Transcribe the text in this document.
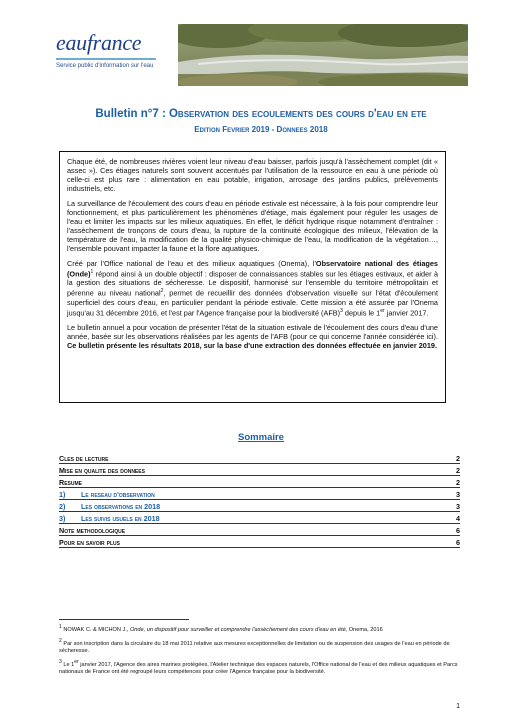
eaufrance
Service public d'information sur l'eau
Bulletin n°7 : Observation des ecoulements des cours d'eau en ete
Edition Fevrier 2019 - Donnees 2018

Chaque été, de nombreuses rivières voient leur niveau d'eau baisser, parfois jusqu'à l'assèchement complet (dit « assec »). Ces étiages naturels sont souvent accentués par l'utilisation de la ressource en eau à une période où celle-ci est plus rare : alimentation en eau potable, irrigation, arrosage des jardins publics, prélèvements industriels, etc.

La surveillance de l'écoulement des cours d'eau en période estivale est nécessaire, à la fois pour comprendre leur fonctionnement, et plus particulièrement les phénomènes d'étiage, mais également pour réguler les usages de l'eau et limiter les impacts sur les milieux aquatiques. En effet, le déficit hydrique risque notamment d'entraîner : l'assèchement de tronçons de cours d'eau, la rupture de la continuité écologique des milieux, l'élévation de la température de l'eau, la modification de la qualité physico-chimique de l'eau, la modification de la végétation…, l'ensemble pouvant impacter la faune et la flore aquatiques.

Créé par l'Office national de l'eau et des milieux aquatiques (Onema), l'Observatoire national des étiages (Onde)$^1$ répond ainsi à un double objectif : disposer de connaissances stables sur les étiages estivaux, et aider à la gestion des situations de sécheresse. Le dispositif, harmonisé sur l'ensemble du territoire métropolitain et pérenne au niveau national$^2$, permet de recueillir des données d'observation visuelle sur l'état d'écoulement superficiel des cours d'eau, en particulier pendant la période estivale. Cette mission a été assurée par l'Onema jusqu'au 31 décembre 2016, et l'est par l'Agence française pour la biodiversité (AFB)$^3$ depuis le 1er janvier 2017.

Le bulletin annuel a pour vocation de présenter l'état de la situation estivale de l'écoulement des cours d'eau d'une année, basée sur les observations réalisées par les agents de l'AFB (pour ce qui concerne l'année considérée ici). Ce bulletin présente les résultats 2018, sur la base d'une extraction des données effectuée en janvier 2019.

Sommaire
Cles de lecture	2
Mise en qualite des donnees	2
Resume	2
1) Le reseau d'observation	3
2) Les observations en 2018	3
3) Les suivis usuels en 2018	4
Note methodologique	6
Pour en savoir plus	6

$^1$ NOWAK C. & MICHON J., Onde, un dispositif pour surveiller et comprendre l'assèchement des cours d'eau en été, Onema, 2016

$^2$ Par son inscription dans la circulaire du 18 mai 2011 relative aux mesures exceptionnelles de limitation ou de suspension des usages de l'eau en période de sécheresse.

$^3$ Le 1er janvier 2017, l'Agence des aires marines protégées, l'Atelier technique des espaces naturels, l'Office national de l'eau et des milieux aquatiques et Parcs nationaux de France ont été regroupé leurs compétences pour créer l'Agence française pour la biodiversité.

1
